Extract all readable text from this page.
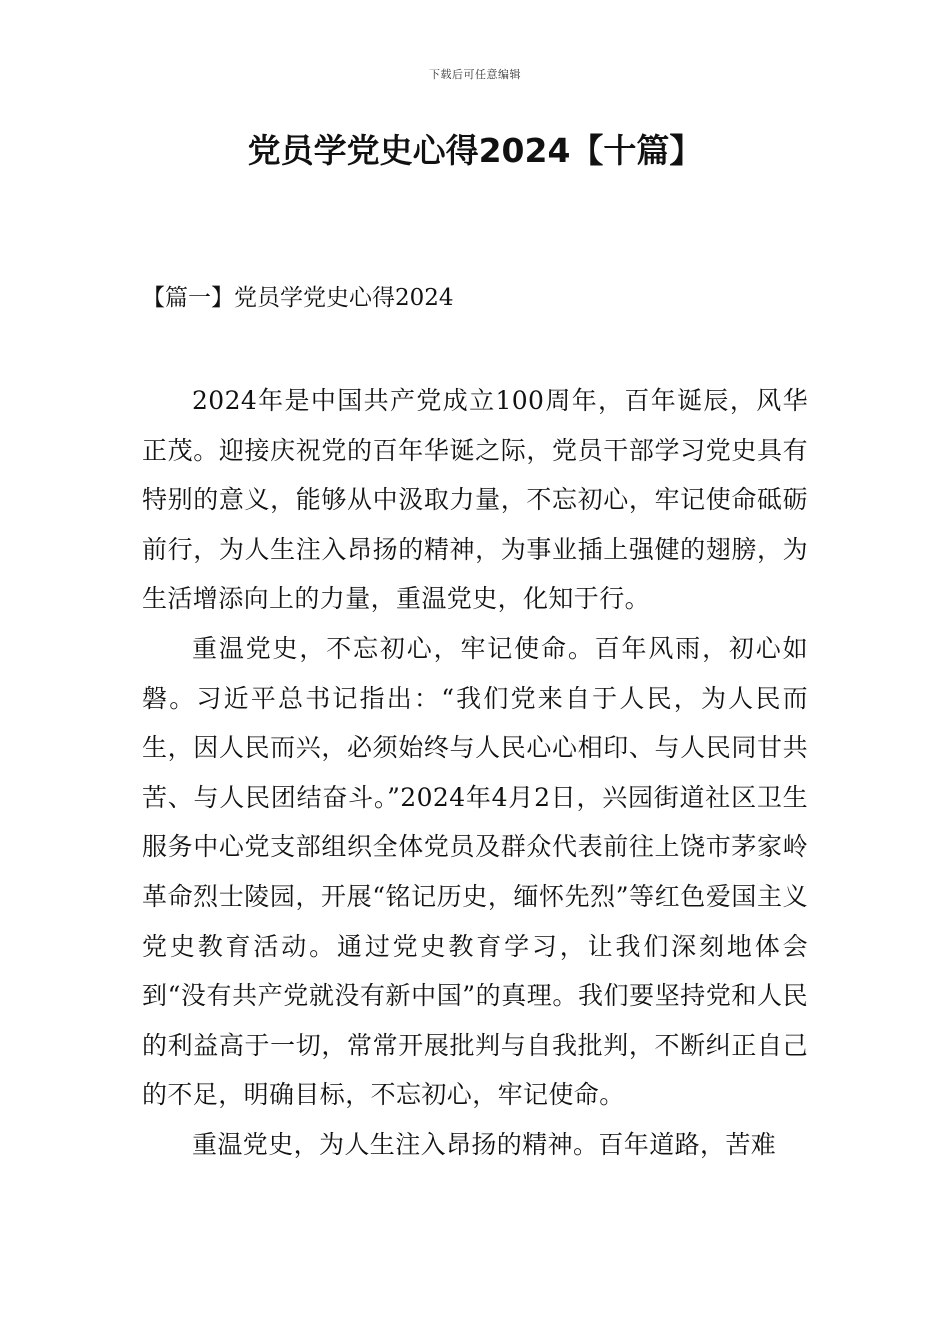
下载后可任意编辑
党员学党史心得2024【十篇】
【篇一】党员学党史心得2024

2024年是中国共产党成立100周年，百年诞辰，风华正茂。迎接庆祝党的百年华诞之际，党员干部学习党史具有特别的意义，能够从中汲取力量，不忘初心，牢记使命砥砺前行，为人生注入昂扬的精神，为事业插上强健的翅膀，为生活增添向上的力量，重温党史，化知于行。

重温党史，不忘初心，牢记使命。百年风雨，初心如磐。习近平总书记指出：“我们党来自于人民，为人民而生，因人民而兴，必须始终与人民心心相印、与人民同甘共苦、与人民团结奋斗。”2024年4月2日，兴园街道社区卫生服务中心党支部组织全体党员及群众代表前往上饶市茅家岭革命烈士陵园，开展“铭记历史，缅怀先烈”等红色爱国主义党史教育活动。通过党史教育学习，让我们深刻地体会到“没有共产党就没有新中国”的真理。我们要坚持党和人民的利益高于一切，常常开展批判与自我批判，不断纠正自己的不足，明确目标，不忘初心，牢记使命。

重温党史，为人生注入昂扬的精神。百年道路，苦难
